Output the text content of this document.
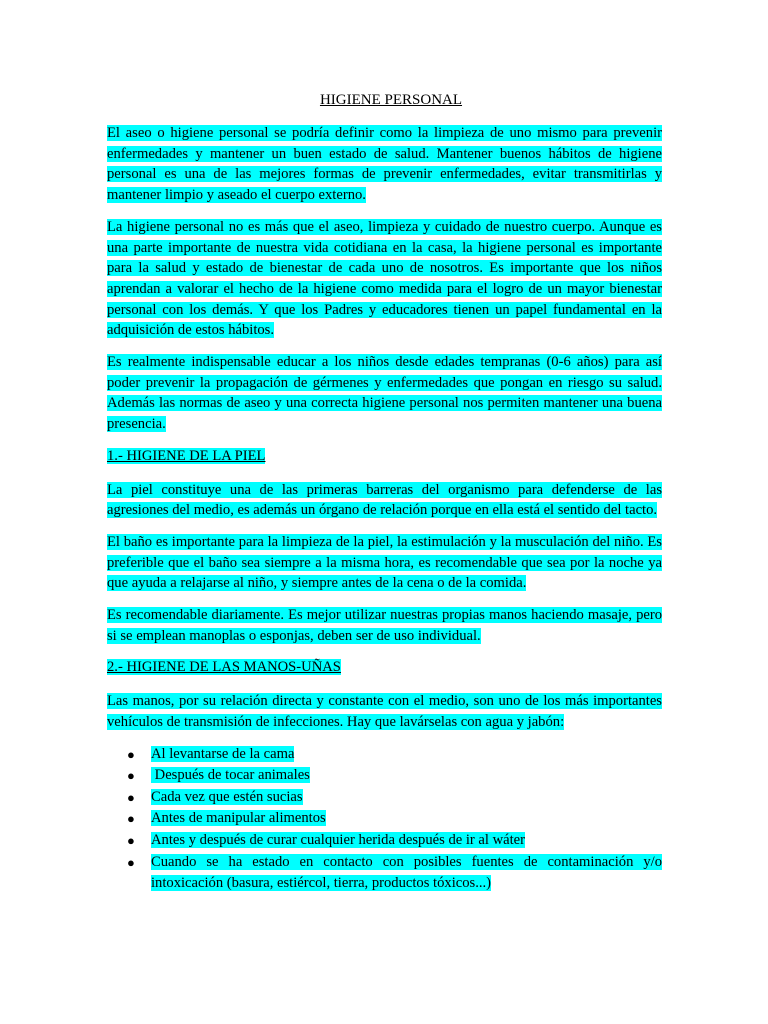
HIGIENE PERSONAL

El aseo o higiene personal se podría definir como la limpieza de uno mismo para prevenir enfermedades y mantener un buen estado de salud. Mantener buenos hábitos de higiene personal es una de las mejores formas de prevenir enfermedades, evitar transmitirlas y mantener limpio y aseado el cuerpo externo.

La higiene personal no es más que el aseo, limpieza y cuidado de nuestro cuerpo. Aunque es una parte importante de nuestra vida cotidiana en la casa, la higiene personal es importante para la salud y estado de bienestar de cada uno de nosotros. Es importante que los niños aprendan a valorar el hecho de la higiene como medida para el logro de un mayor bienestar personal con los demás. Y que los Padres y educadores tienen un papel fundamental en la adquisición de estos hábitos.

Es realmente indispensable educar a los niños desde edades tempranas (0-6 años) para así poder prevenir la propagación de gérmenes y enfermedades que pongan en riesgo su salud. Además las normas de aseo y una correcta higiene personal nos permiten mantener una buena presencia.

1.- HIGIENE DE LA PIEL

La piel constituye una de las primeras barreras del organismo para defenderse de las agresiones del medio, es además un órgano de relación porque en ella está el sentido del tacto.

El baño es importante para la limpieza de la piel, la estimulación y la musculación del niño. Es preferible que el baño sea siempre a la misma hora, es recomendable que sea por la noche ya que ayuda a relajarse al niño, y siempre antes de la cena o de la comida.

Es recomendable diariamente. Es mejor utilizar nuestras propias manos haciendo masaje, pero si se emplean manoplas o esponjas, deben ser de uso individual.

2.- HIGIENE DE LAS MANOS-UÑAS

Las manos, por su relación directa y constante con el medio, son uno de los más importantes vehículos de transmisión de infecciones. Hay que lavárselas con agua y jabón:

● Al levantarse de la cama
● Después de tocar animales
● Cada vez que estén sucias
● Antes de manipular alimentos
● Antes y después de curar cualquier herida después de ir al wáter
● Cuando se ha estado en contacto con posibles fuentes de contaminación y/o intoxicación (basura, estiércol, tierra, productos tóxicos...)
